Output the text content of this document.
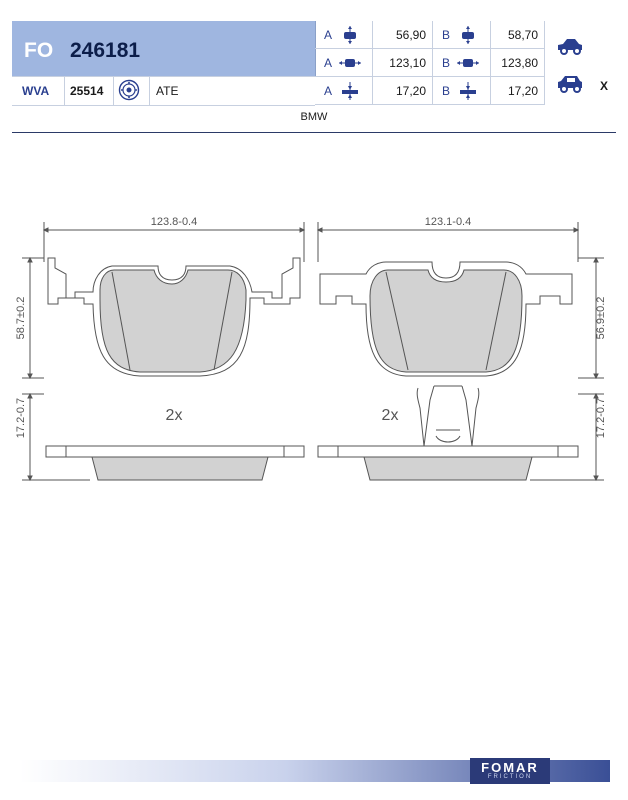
FO 246181
WVA 25514	ATE
A	56,90 B	58,70
A	123,10 B	123,80
A	17,20 B	17,20	X
BMW
123.8-0.4	123.1-0.4
58.7±0.2	56.9±0.2
17.2-0.7	17.2-0.7
2x	2x
FOMAR
FRICTION
